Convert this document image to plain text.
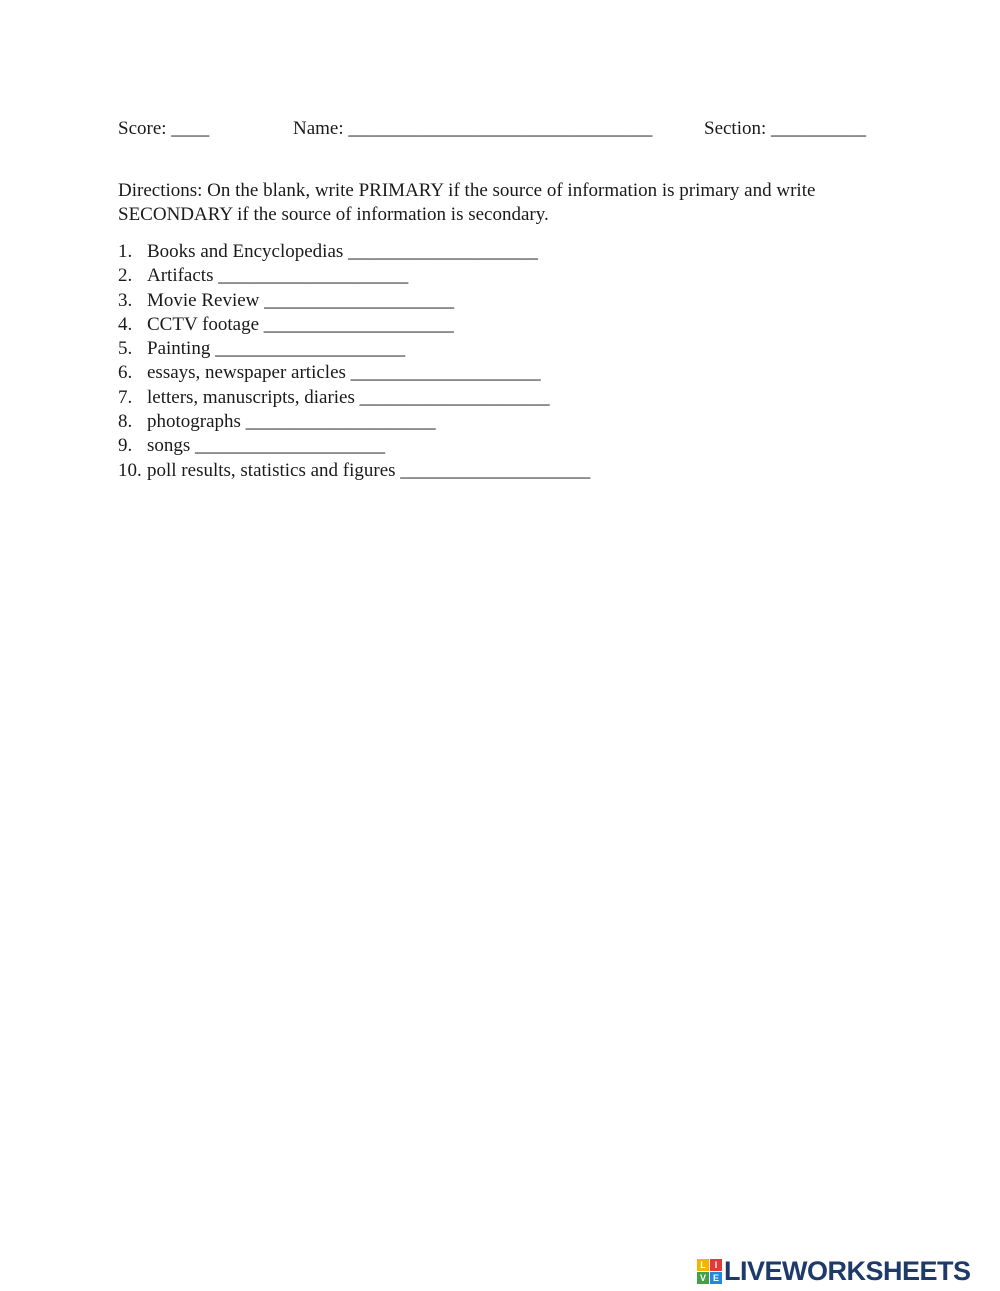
Score: ____	Name: ________________________________	Section: __________
Directions: On the blank, write PRIMARY if the source of information is primary and write SECONDARY if the source of information is secondary.
1. Books and Encyclopedias ____________________
2. Artifacts ____________________
3. Movie Review ____________________
4. CCTV footage ____________________
5. Painting ____________________
6. essays, newspaper articles ____________________
7. letters, manuscripts, diaries ____________________
8. photographs ____________________
9. songs ____________________
10. poll results, statistics and figures ____________________
L I
V E LIVEWORKSHEETS
